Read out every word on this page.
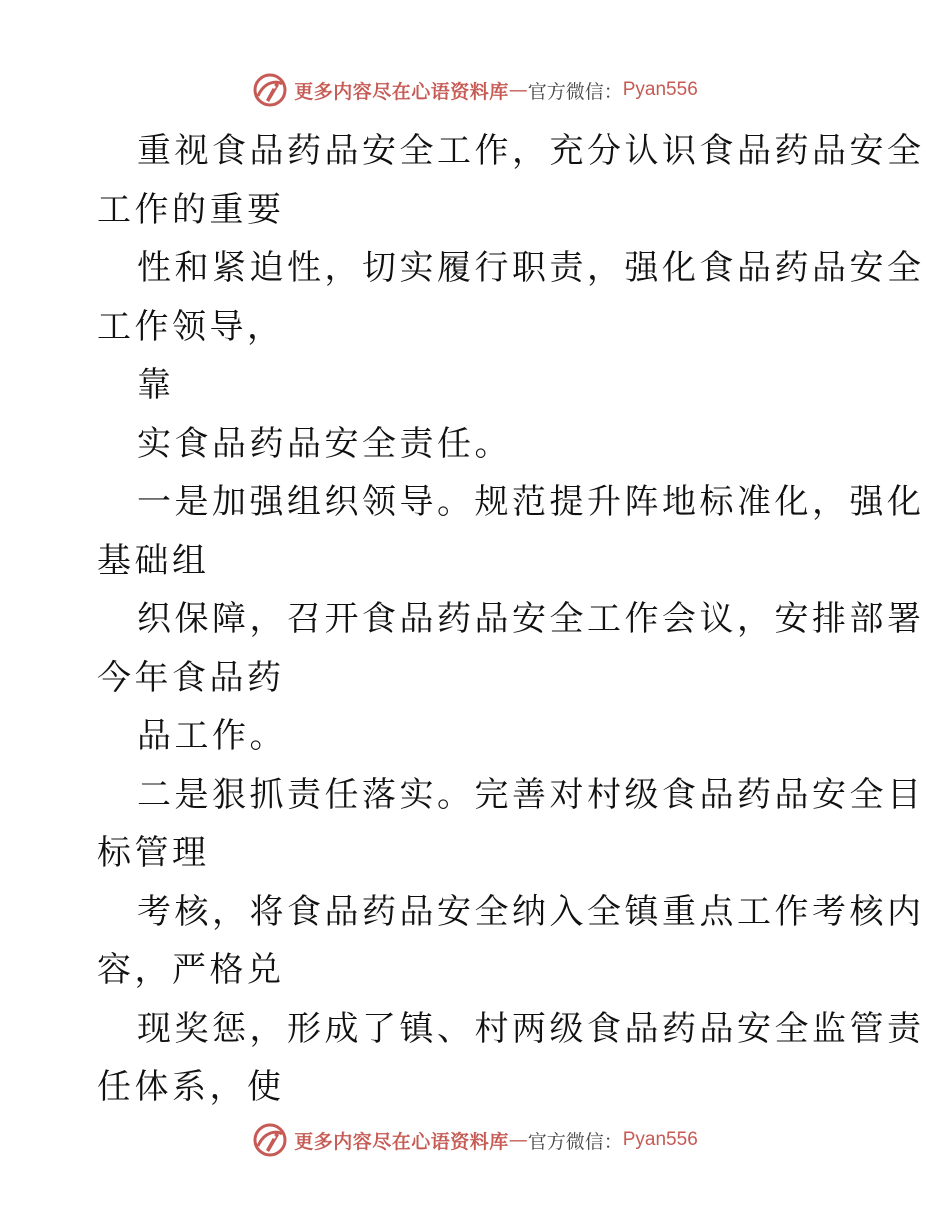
更多内容尽在心语资料库 — 官方微信： Pyan556
重视食品药品安全工作，充分认识食品药品安全
工作的重要
性和紧迫性，切实履行职责，强化食品药品安全
工作领导，
靠
实食品药品安全责任。
一是加强组织领导。规范提升阵地标准化，强化
基础组
织保障，召开食品药品安全工作会议，安排部署
今年食品药
品工作。
二是狠抓责任落实。完善对村级食品药品安全目
标管理
考核，将食品药品安全纳入全镇重点工作考核内
容，严格兑
现奖惩，形成了镇、村两级食品药品安全监管责
任体系，使
更多内容尽在心语资料库 — 官方微信： Pyan556
